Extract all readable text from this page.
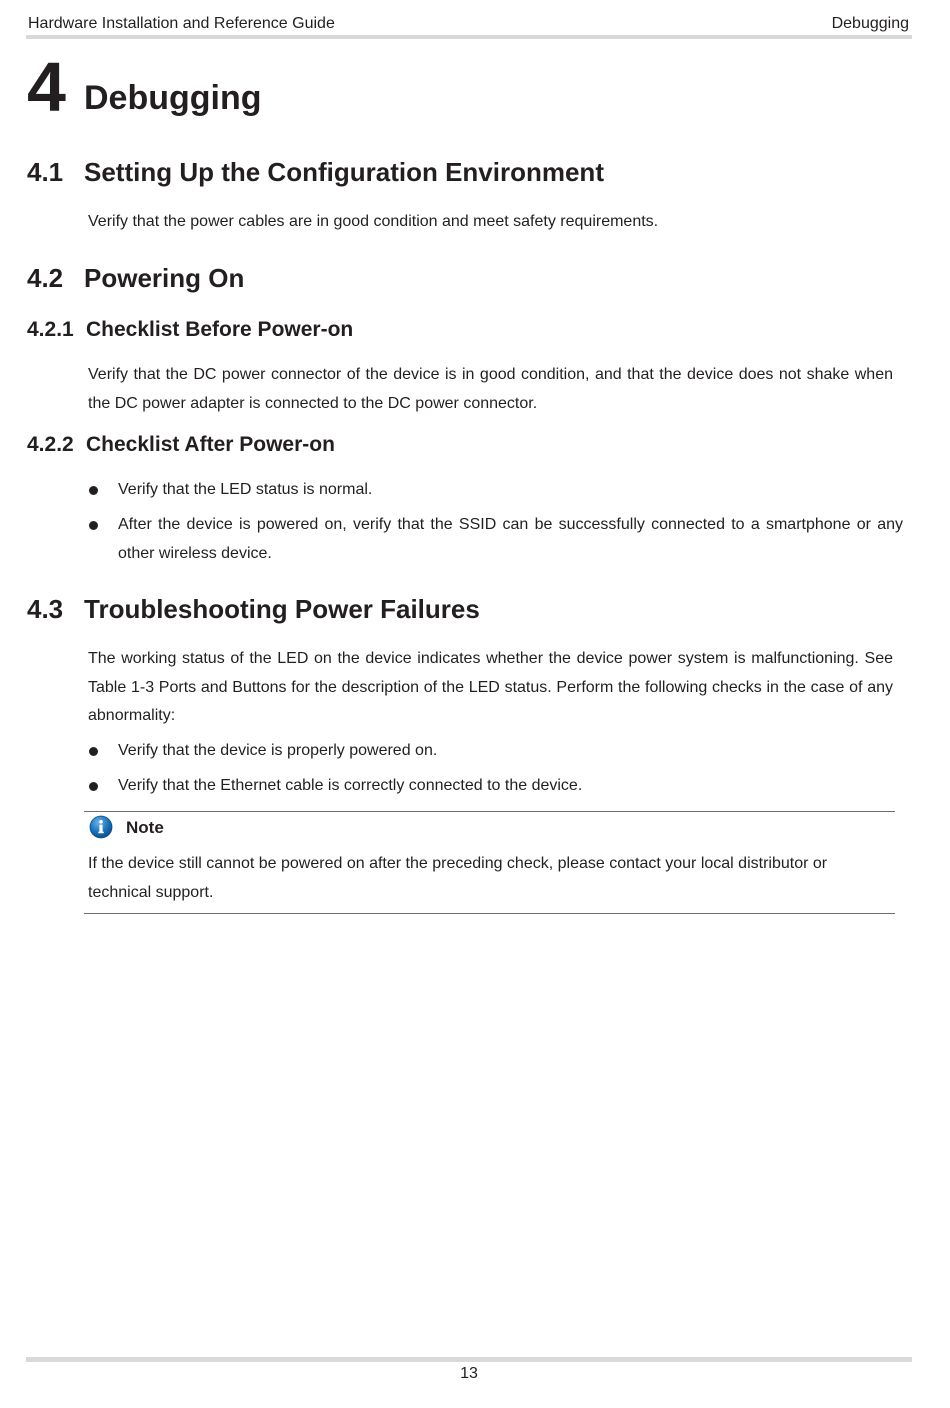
Hardware Installation and Reference Guide	Debugging
4 Debugging
4.1 Setting Up the Configuration Environment
Verify that the power cables are in good condition and meet safety requirements.
4.2 Powering On
4.2.1 Checklist Before Power-on
Verify that the DC power connector of the device is in good condition, and that the device does not shake when the DC power adapter is connected to the DC power connector.
4.2.2 Checklist After Power-on
Verify that the LED status is normal.
After the device is powered on, verify that the SSID can be successfully connected to a smartphone or any other wireless device.
4.3 Troubleshooting Power Failures
The working status of the LED on the device indicates whether the device power system is malfunctioning. See Table 1-3 Ports and Buttons for the description of the LED status. Perform the following checks in the case of any abnormality:
Verify that the device is properly powered on.
Verify that the Ethernet cable is correctly connected to the device.
Note
If the device still cannot be powered on after the preceding check, please contact your local distributor or technical support.
13
